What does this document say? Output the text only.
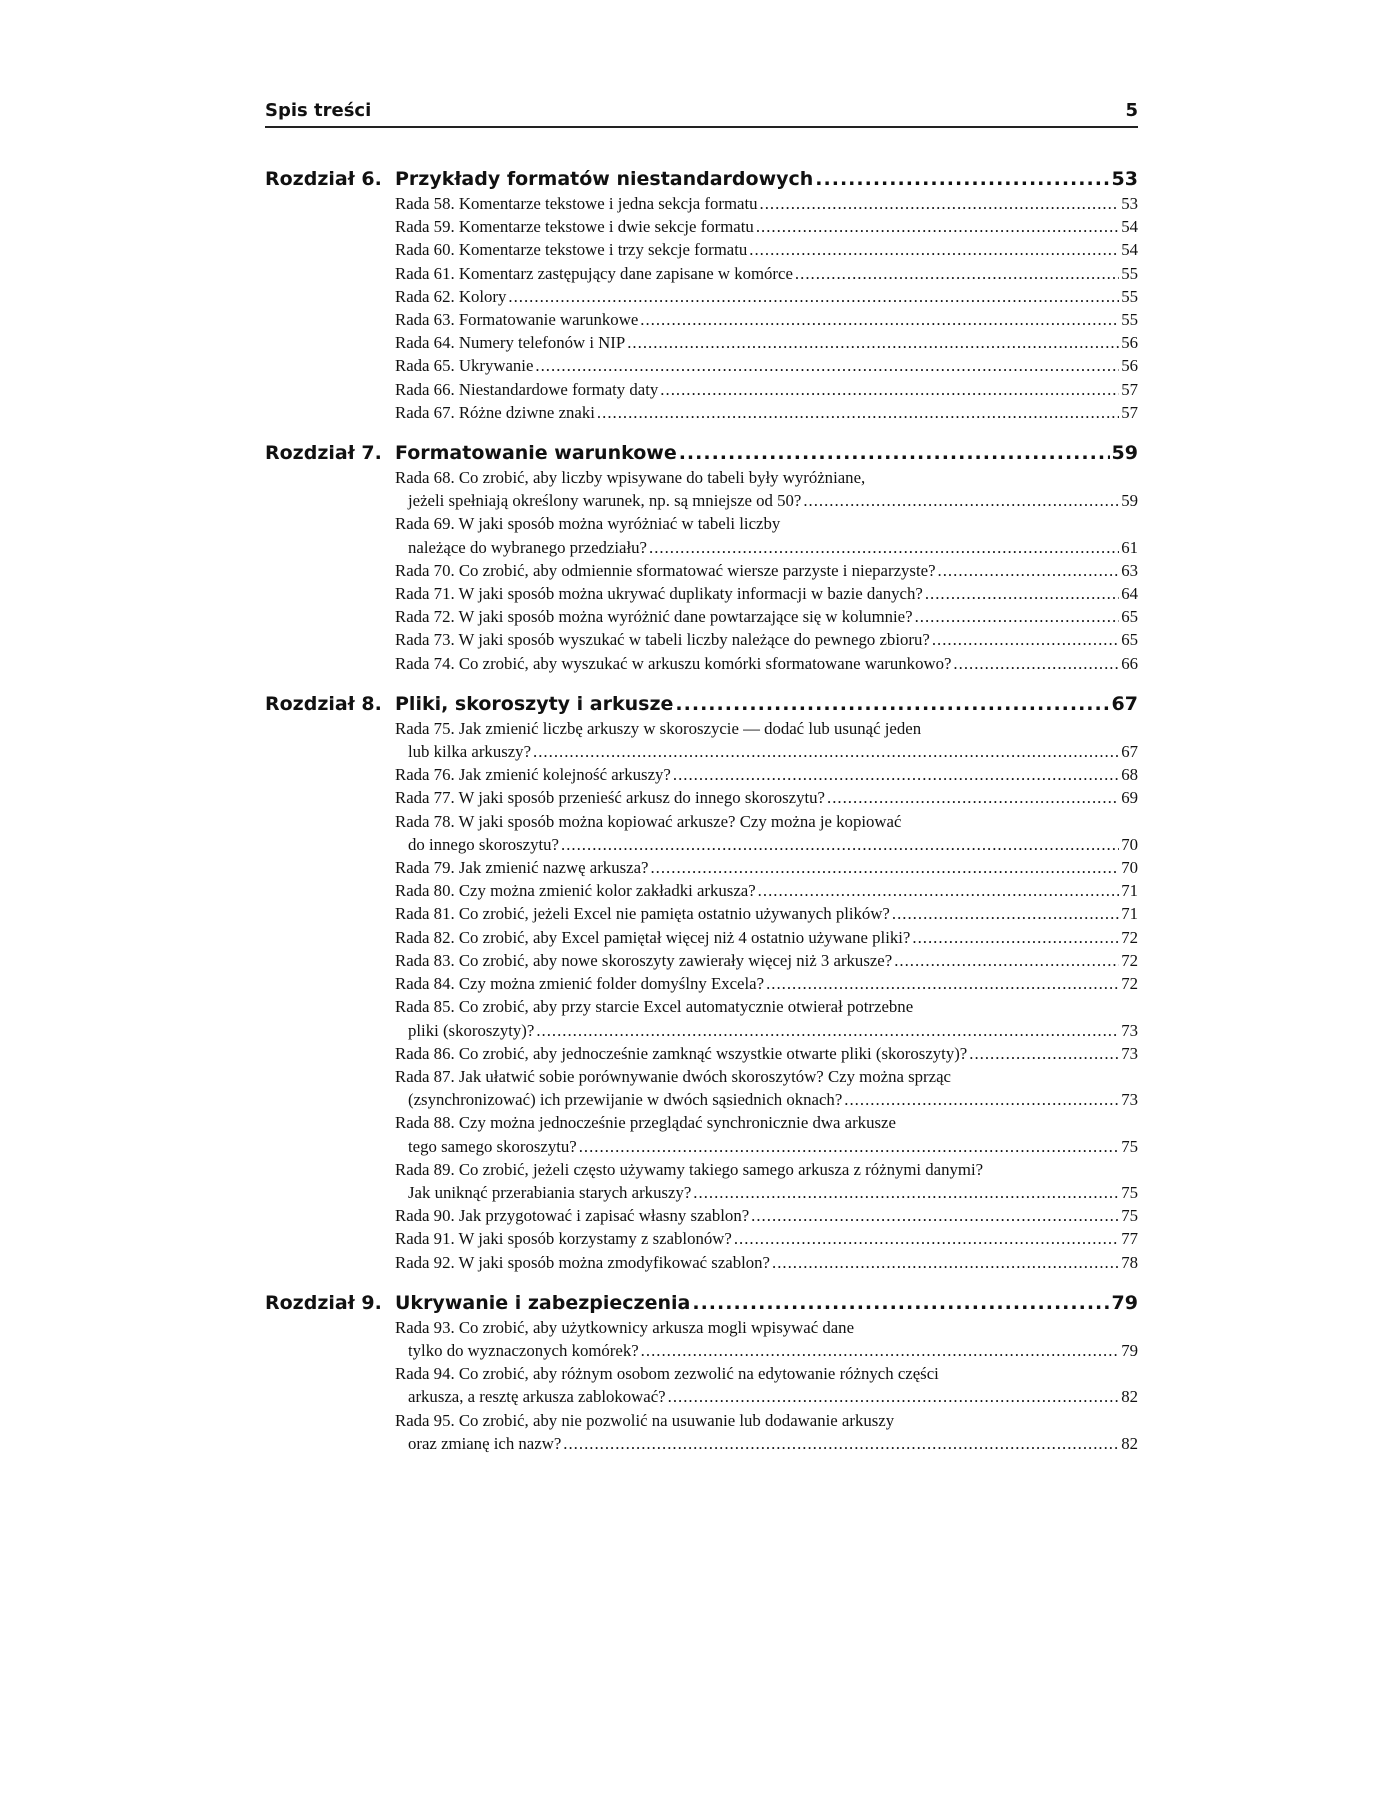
Spis treści	5
Rozdział 6. Przykłady formatów niestandardowych .....	53
Rada 58. Komentarze tekstowe i jedna sekcja formatu .....	53
Rada 59. Komentarze tekstowe i dwie sekcje formatu .....	54
Rada 60. Komentarze tekstowe i trzy sekcje formatu .....	54
Rada 61. Komentarz zastępujący dane zapisane w komórce .....	55
Rada 62. Kolory .....	55
Rada 63. Formatowanie warunkowe .....	55
Rada 64. Numery telefonów i NIP .....	56
Rada 65. Ukrywanie .....	56
Rada 66. Niestandardowe formaty daty .....	57
Rada 67. Różne dziwne znaki .....	57
Rozdział 7. Formatowanie warunkowe .....	59
Rada 68. Co zrobić, aby liczby wpisywane do tabeli były wyróżniane,
jeżeli spełniają określony warunek, np. są mniejsze od 50? .....	59
Rada 69. W jaki sposób można wyróżniać w tabeli liczby
należące do wybranego przedziału? .....	61
Rada 70. Co zrobić, aby odmiennie sformatować wiersze parzyste i nieparzyste? .....	63
Rada 71. W jaki sposób można ukrywać duplikaty informacji w bazie danych? .....	64
Rada 72. W jaki sposób można wyróżnić dane powtarzające się w kolumnie? .....	65
Rada 73. W jaki sposób wyszukać w tabeli liczby należące do pewnego zbioru? .....	65
Rada 74. Co zrobić, aby wyszukać w arkuszu komórki sformatowane warunkowo? .....	66
Rozdział 8. Pliki, skoroszyty i arkusze .....	67
Rada 75. Jak zmienić liczbę arkuszy w skoroszycie — dodać lub usunąć jeden
lub kilka arkuszy? .....	67
Rada 76. Jak zmienić kolejność arkuszy? .....	68
Rada 77. W jaki sposób przenieść arkusz do innego skoroszytu? .....	69
Rada 78. W jaki sposób można kopiować arkusze? Czy można je kopiować
do innego skoroszytu? .....	70
Rada 79. Jak zmienić nazwę arkusza? .....	70
Rada 80. Czy można zmienić kolor zakładki arkusza? .....	71
Rada 81. Co zrobić, jeżeli Excel nie pamięta ostatnio używanych plików? .....	71
Rada 82. Co zrobić, aby Excel pamiętał więcej niż 4 ostatnio używane pliki? .....	72
Rada 83. Co zrobić, aby nowe skoroszyty zawierały więcej niż 3 arkusze? .....	72
Rada 84. Czy można zmienić folder domyślny Excela? .....	72
Rada 85. Co zrobić, aby przy starcie Excel automatycznie otwierał potrzebne
pliki (skoroszyty)? .....	73
Rada 86. Co zrobić, aby jednocześnie zamknąć wszystkie otwarte pliki (skoroszyty)? .....	73
Rada 87. Jak ułatwić sobie porównywanie dwóch skoroszytów? Czy można sprząc
(zsynchronizować) ich przewijanie w dwóch sąsiednich oknach? .....	73
Rada 88. Czy można jednocześnie przeglądać synchronicznie dwa arkusze
tego samego skoroszytu? .....	75
Rada 89. Co zrobić, jeżeli często używamy takiego samego arkusza z różnymi danymi?
Jak uniknąć przerabiania starych arkuszy? .....	75
Rada 90. Jak przygotować i zapisać własny szablon? .....	75
Rada 91. W jaki sposób korzystamy z szablonów? .....	77
Rada 92. W jaki sposób można zmodyfikować szablon? .....	78
Rozdział 9. Ukrywanie i zabezpieczenia .....	79
Rada 93. Co zrobić, aby użytkownicy arkusza mogli wpisywać dane
tylko do wyznaczonych komórek? .....	79
Rada 94. Co zrobić, aby różnym osobom zezwolić na edytowanie różnych części
arkusza, a resztę arkusza zablokować? .....	82
Rada 95. Co zrobić, aby nie pozwolić na usuwanie lub dodawanie arkuszy
oraz zmianę ich nazw? .....	82
